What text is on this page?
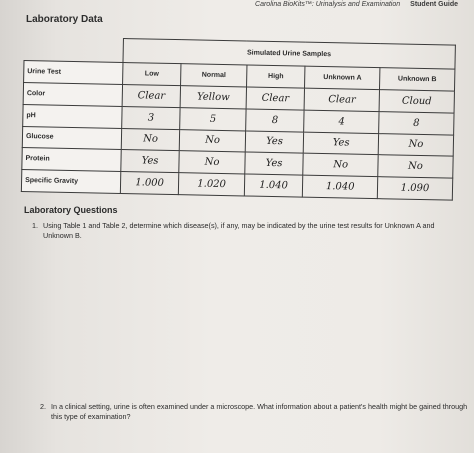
Carolina BioKits™: Urinalysis and Examination Student Guide
Laboratory Data
	Simulated Urine Samples				
Urine Test	Low	Normal	High	Unknown A	Unknown B
Color	Clear	Yellow	Clear	Clear	Cloud
pH	3	5	8	4	8
Glucose	No	No	Yes	Yes	No
Protein	Yes	No	Yes	No	No
Specific Gravity	1.000	1.020	1.040	1.040	1.090
Laboratory Questions
1. Using Table 1 and Table 2, determine which disease(s), if any, may be indicated by the urine test results for Unknown A and Unknown B.
2. In a clinical setting, urine is often examined under a microscope. What information about a patient's health might be gained through this type of examination?
